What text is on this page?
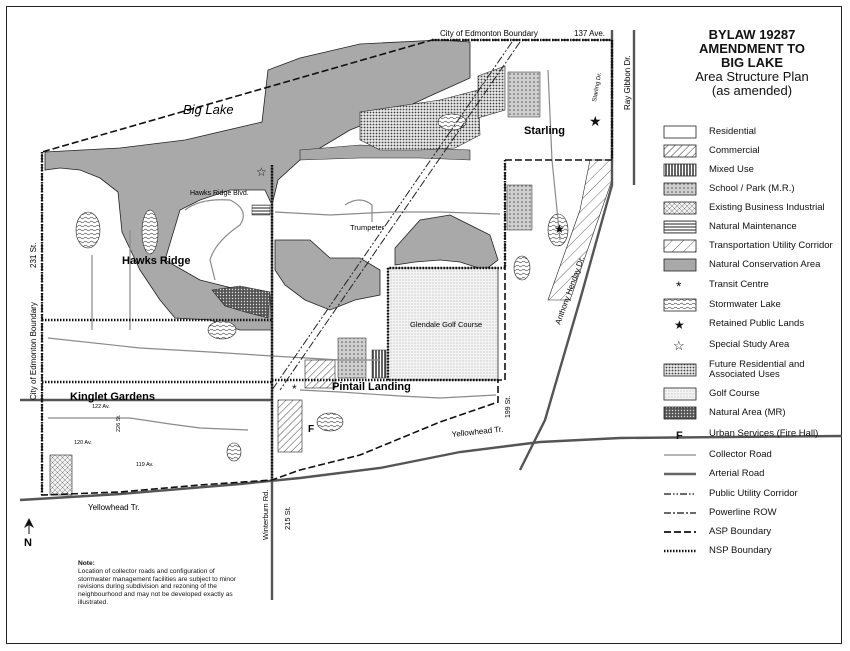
*
★
★
☆
Big Lake
City of Edmonton Boundary	137 Ave.
Ray Gibbon Dr.
Starling Dr.
Starling
Hawks Ridge Blvd.
Trumpeter
Hawks Ridge
231 St.
City of Edmonton Boundary	Glendale Golf Course	Anthony Henday Dr.
Pintail Landing
Kinglet Gardens
122 Av.
120 Av.
119 Av.
226 St.
199 St.
Yellowhead Tr.
Yellowhead Tr.	Winterburn Rd. 215 St.
F
N
BYLAW 19287
AMENDMENT TO
BIG LAKE
Area Structure Plan
(as amended)
Residential
Commercial
Mixed Use
School / Park (M.R.)
Existing Business Industrial
Natural Maintenance
Transportation Utility Corridor
Natural Conservation Area
*	Transit Centre
Stormwater Lake
★	Retained Public Lands
☆	Special Study Area
Future Residential and
Associated Uses
Golf Course
Natural Area (MR)
F	Urban Services (Fire Hall)
Collector Road
Arterial Road
Public Utility Corridor
Powerline ROW
ASP Boundary
NSP Boundary
Note:
Location of collector roads and configuration of stormwater management facilities are subject to minor revisions during subdivision and rezoning of the neighbourhood and may not be developed exactly as illustrated.
